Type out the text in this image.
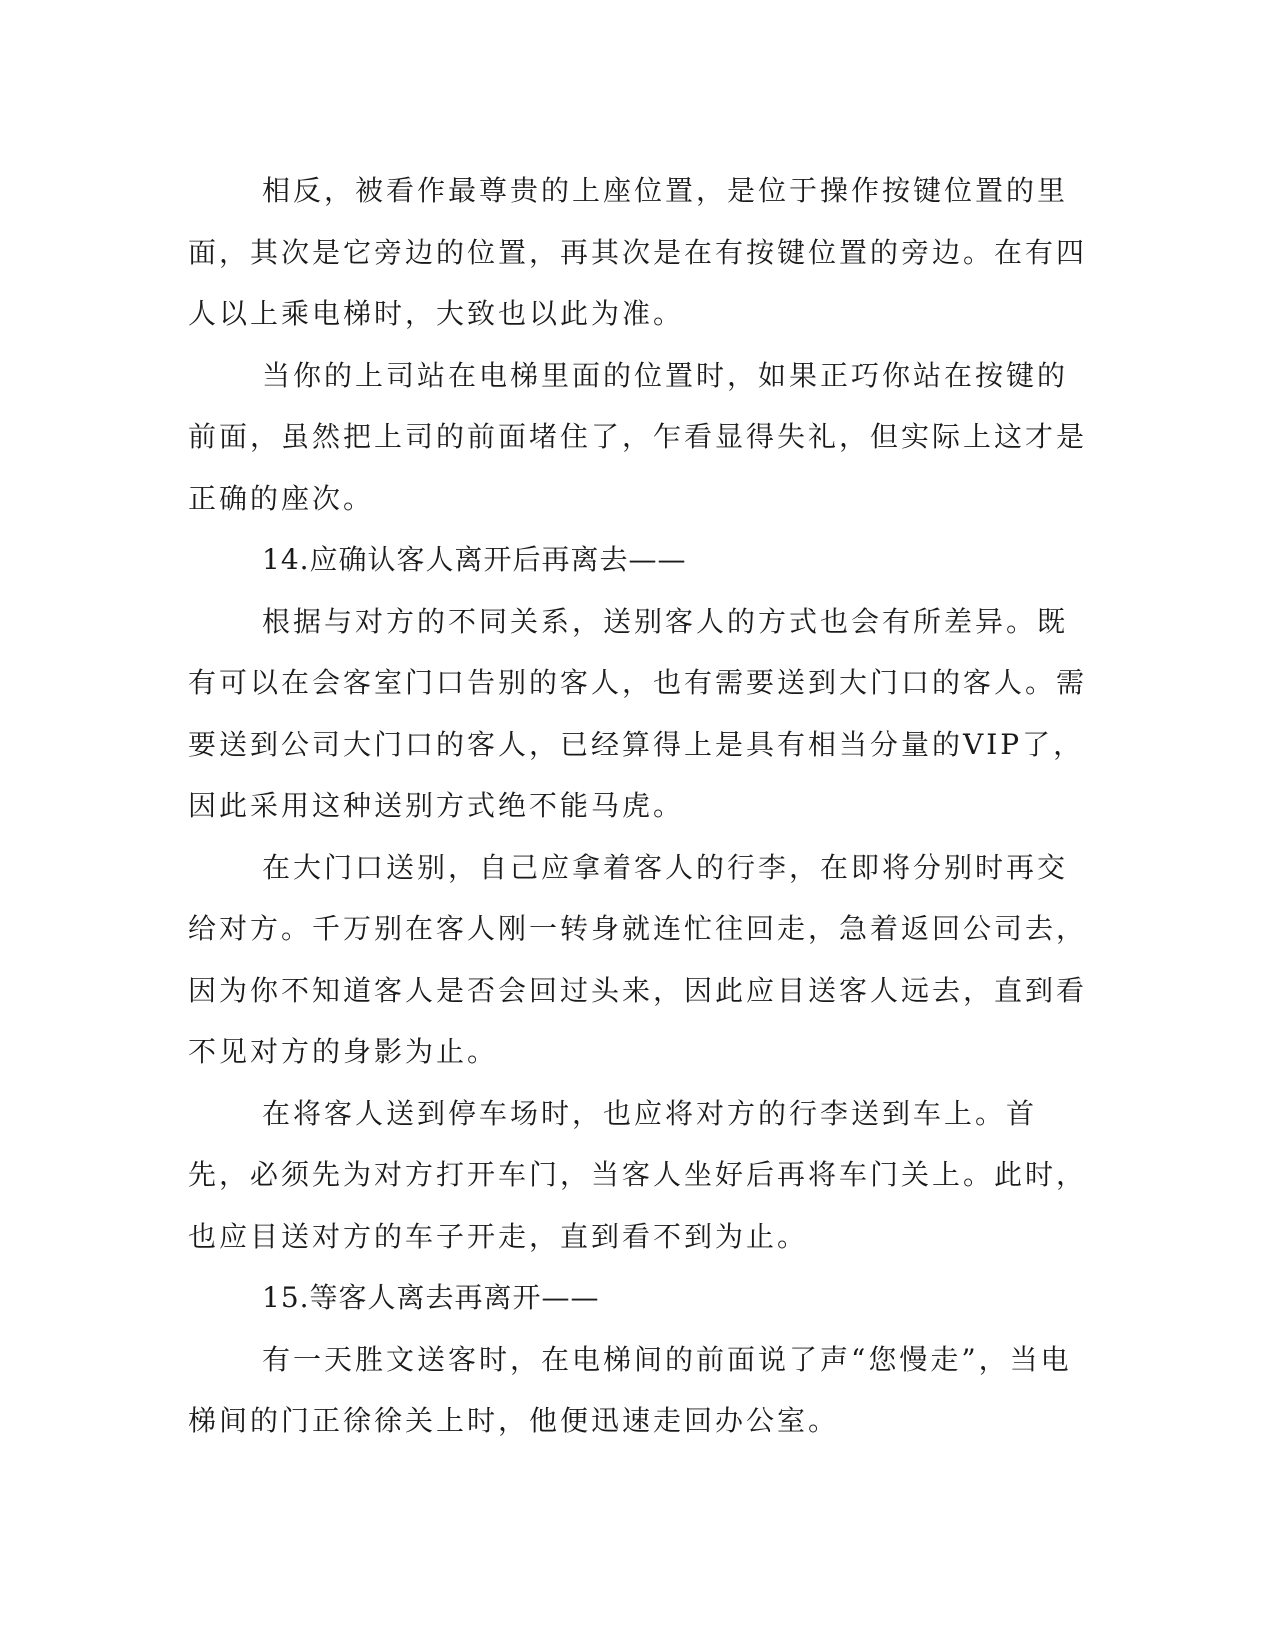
相反，被看作最尊贵的上座位置，是位于操作按键位置的里面，其次是它旁边的位置，再其次是在有按键位置的旁边。在有四人以上乘电梯时，大致也以此为准。

当你的上司站在电梯里面的位置时，如果正巧你站在按键的前面，虽然把上司的前面堵住了，乍看显得失礼，但实际上这才是正确的座次。

14.应确认客人离开后再离去——

根据与对方的不同关系，送别客人的方式也会有所差异。既有可以在会客室门口告别的客人，也有需要送到大门口的客人。需要送到公司大门口的客人，已经算得上是具有相当分量的VIP了，因此采用这种送别方式绝不能马虎。

在大门口送别，自己应拿着客人的行李，在即将分别时再交给对方。千万别在客人刚一转身就连忙往回走，急着返回公司去，因为你不知道客人是否会回过头来，因此应目送客人远去，直到看不见对方的身影为止。

在将客人送到停车场时，也应将对方的行李送到车上。首先，必须先为对方打开车门，当客人坐好后再将车门关上。此时，也应目送对方的车子开走，直到看不到为止。

15.等客人离去再离开——

有一天胜文送客时，在电梯间的前面说了声“您慢走”，当电梯间的门正徐徐关上时，他便迅速走回办公室。
